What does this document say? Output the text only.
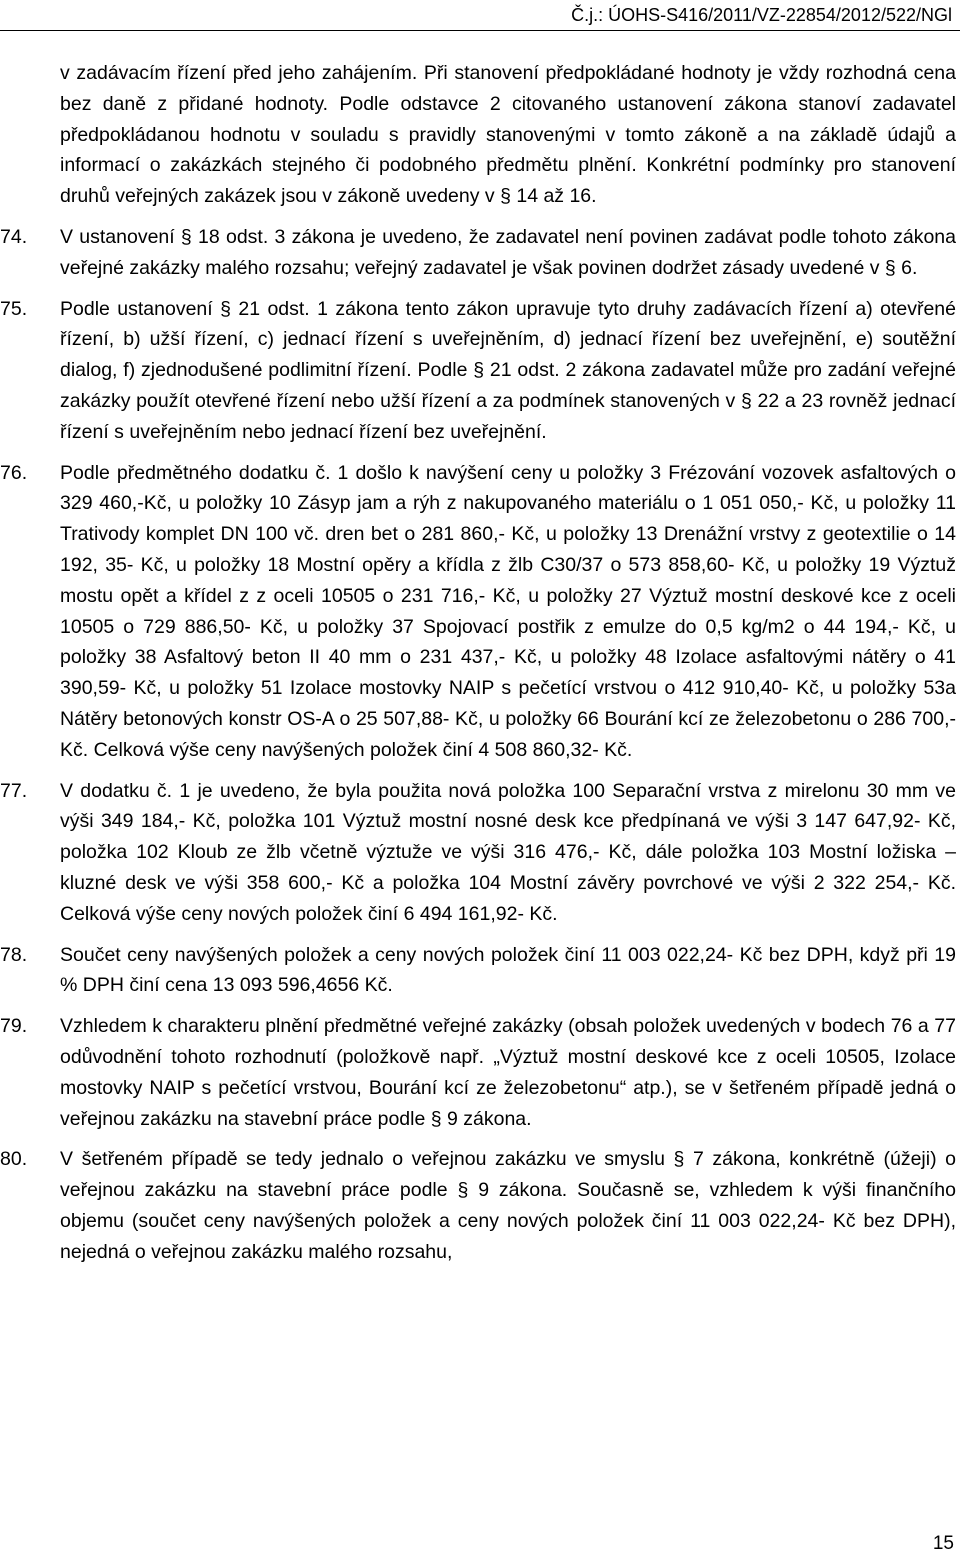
Č.j.: ÚOHS-S416/2011/VZ-22854/2012/522/NGl

v zadávacím řízení před jeho zahájením. Při stanovení předpokládané hodnoty je vždy rozhodná cena bez daně z přidané hodnoty. Podle odstavce 2 citovaného ustanovení zákona stanoví zadavatel předpokládanou hodnotu v souladu s pravidly stanovenými v tomto zákoně a na základě údajů a informací o zakázkách stejného či podobného předmětu plnění. Konkrétní podmínky pro stanovení druhů veřejných zakázek jsou v zákoně uvedeny v § 14 až 16.

74. V ustanovení § 18 odst. 3 zákona je uvedeno, že zadavatel není povinen zadávat podle tohoto zákona veřejné zakázky malého rozsahu; veřejný zadavatel je však povinen dodržet zásady uvedené v § 6.

75. Podle ustanovení § 21 odst. 1 zákona tento zákon upravuje tyto druhy zadávacích řízení a) otevřené řízení, b) užší řízení, c) jednací řízení s uveřejněním, d) jednací řízení bez uveřejnění, e) soutěžní dialog, f) zjednodušené podlimitní řízení. Podle § 21 odst. 2 zákona zadavatel může pro zadání veřejné zakázky použít otevřené řízení nebo užší řízení a za podmínek stanovených v § 22 a 23 rovněž jednací řízení s uveřejněním nebo jednací řízení bez uveřejnění.

76. Podle předmětného dodatku č. 1 došlo k navýšení ceny u položky 3 Frézování vozovek asfaltových o 329 460,-Kč, u položky 10 Zásyp jam a rýh z nakupovaného materiálu o 1 051 050,- Kč, u položky 11 Trativody komplet DN 100 vč. dren bet o 281 860,- Kč, u položky 13 Drenážní vrstvy z geotextilie o 14 192, 35- Kč, u položky 18 Mostní opěry a křídla z žlb C30/37 o 573 858,60- Kč, u položky 19 Výztuž mostu opět a křídel z z oceli 10505 o 231 716,- Kč, u položky 27 Výztuž mostní deskové kce z oceli 10505 o 729 886,50- Kč, u položky 37 Spojovací postřik z emulze do 0,5 kg/m2 o 44 194,- Kč, u položky 38 Asfaltový beton II 40 mm o 231 437,- Kč, u položky 48 Izolace asfaltovými nátěry o 41 390,59- Kč, u položky 51 Izolace mostovky NAIP s pečetící vrstvou o 412 910,40- Kč, u položky 53a Nátěry betonových konstr OS-A o 25 507,88- Kč, u položky 66 Bourání kcí ze železobetonu o 286 700,- Kč. Celková výše ceny navýšených položek činí 4 508 860,32- Kč.

77. V dodatku č. 1 je uvedeno, že byla použita nová položka 100 Separační vrstva z mirelonu 30 mm ve výši 349 184,- Kč, položka 101 Výztuž mostní nosné desk kce předpínaná ve výši 3 147 647,92- Kč, položka 102 Kloub ze žlb včetně výztuže ve výši 316 476,- Kč, dále položka 103 Mostní ložiska – kluzné desk ve výši 358 600,- Kč a položka 104 Mostní závěry povrchové ve výši 2 322 254,- Kč. Celková výše ceny nových položek činí 6 494 161,92- Kč.

78. Součet ceny navýšených položek a ceny nových položek činí 11 003 022,24- Kč bez DPH, když při 19 % DPH činí cena 13 093 596,4656 Kč.

79. Vzhledem k charakteru plnění předmětné veřejné zakázky (obsah položek uvedených v bodech 76 a 77 odůvodnění tohoto rozhodnutí (položkově např. „Výztuž mostní deskové kce z oceli 10505, Izolace mostovky NAIP s pečetící vrstvou, Bourání kcí ze železobetonu“ atp.), se v šetřeném případě jedná o veřejnou zakázku na stavební práce podle § 9 zákona.

80. V šetřeném případě se tedy jednalo o veřejnou zakázku ve smyslu § 7 zákona, konkrétně (úžeji) o veřejnou zakázku na stavební práce podle § 9 zákona. Současně se, vzhledem k výši finančního objemu (součet ceny navýšených položek a ceny nových položek činí 11 003 022,24- Kč bez DPH), nejedná o veřejnou zakázku malého rozsahu,

15
